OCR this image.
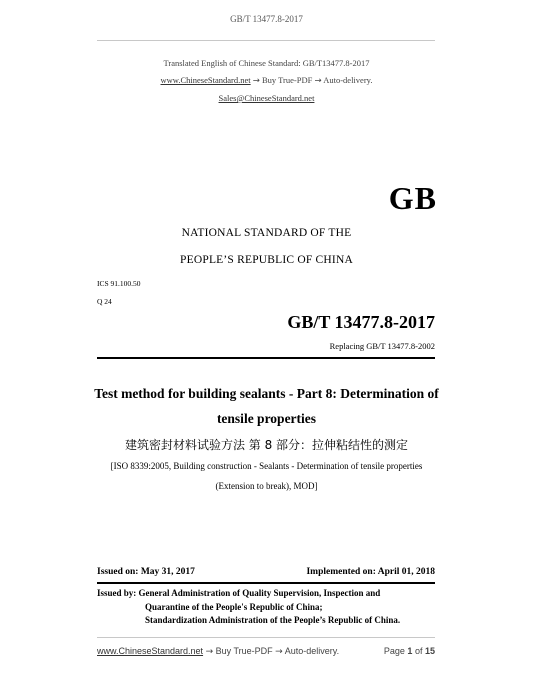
GB/T 13477.8-2017
Translated English of Chinese Standard: GB/T13477.8-2017
www.ChineseStandard.net → Buy True-PDF → Auto-delivery.
Sales@ChineseStandard.net
GB
NATIONAL STANDARD OF THE
PEOPLE’S REPUBLIC OF CHINA
ICS 91.100.50
Q 24
GB/T 13477.8-2017
Replacing GB/T 13477.8-2002
Test method for building sealants - Part 8: Determination of
tensile properties
建筑密封材料试验方法 第 8 部分：拉伸粘结性的测定
[ISO 8339:2005, Building construction - Sealants - Determination of tensile properties
(Extension to break), MOD]
Issued on: May 31, 2017	Implemented on: April 01, 2018
Issued by: General Administration of Quality Supervision, Inspection and
Quarantine of the People's Republic of China;
Standardization Administration of the People’s Republic of China.
www.ChineseStandard.net → Buy True-PDF → Auto-delivery.	Page 1 of 15
